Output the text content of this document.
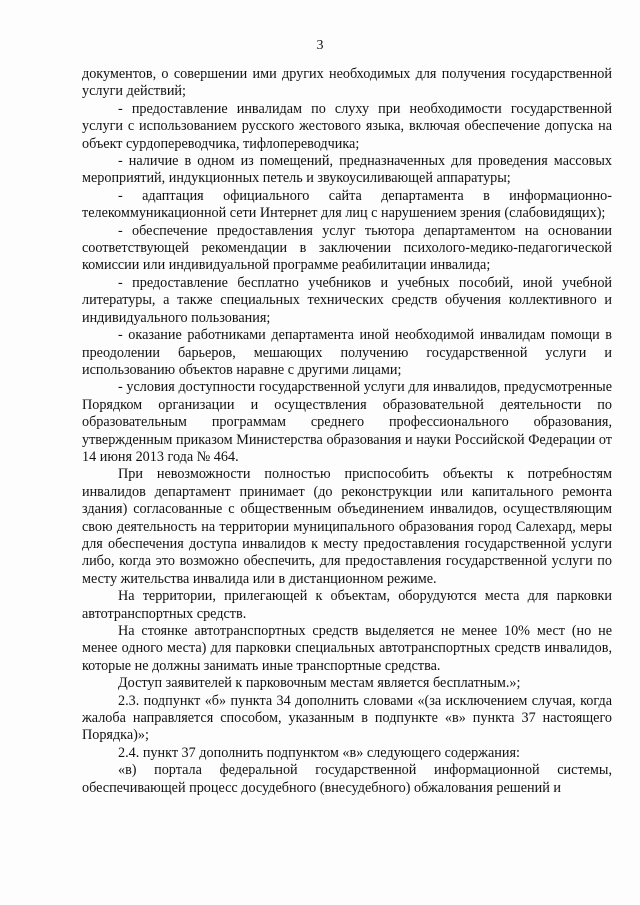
3

документов, о совершении ими других необходимых для получения государственной услуги действий;

- предоставление инвалидам по слуху при необходимости государственной услуги с использованием русского жестового языка, включая обеспечение допуска на объект сурдопереводчика, тифлопереводчика;

- наличие в одном из помещений, предназначенных для проведения массовых мероприятий, индукционных петель и звукоусиливающей аппаратуры;

- адаптация официального сайта департамента в информационно-телекоммуникационной сети Интернет для лиц с нарушением зрения (слабовидящих);

- обеспечение предоставления услуг тьютора департаментом на основании соответствующей рекомендации в заключении психолого-медико-педагогической комиссии или индивидуальной программе реабилитации инвалида;

- предоставление бесплатно учебников и учебных пособий, иной учебной литературы, а также специальных технических средств обучения коллективного и индивидуального пользования;

- оказание работниками департамента иной необходимой инвалидам помощи в преодолении барьеров, мешающих получению государственной услуги и использованию объектов наравне с другими лицами;

- условия доступности государственной услуги для инвалидов, предусмотренные Порядком организации и осуществления образовательной деятельности по образовательным программам среднего профессионального образования, утвержденным приказом Министерства образования и науки Российской Федерации от 14 июня 2013 года № 464.

При невозможности полностью приспособить объекты к потребностям инвалидов департамент принимает (до реконструкции или капитального ремонта здания) согласованные с общественным объединением инвалидов, осуществляющим свою деятельность на территории муниципального образования город Салехард, меры для обеспечения доступа инвалидов к месту предоставления государственной услуги либо, когда это возможно обеспечить, для предоставления государственной услуги по месту жительства инвалида или в дистанционном режиме.

На территории, прилегающей к объектам, оборудуются места для парковки автотранспортных средств.

На стоянке автотранспортных средств выделяется не менее 10% мест (но не менее одного места) для парковки специальных автотранспортных средств инвалидов, которые не должны занимать иные транспортные средства.

Доступ заявителей к парковочным местам является бесплатным.»;

2.3. подпункт «б» пункта 34 дополнить словами «(за исключением случая, когда жалоба направляется способом, указанным в подпункте «в» пункта 37 настоящего Порядка)»;

2.4. пункт 37 дополнить подпунктом «в» следующего содержания:

«в) портала федеральной государственной информационной системы, обеспечивающей процесс досудебного (внесудебного) обжалования решений и
